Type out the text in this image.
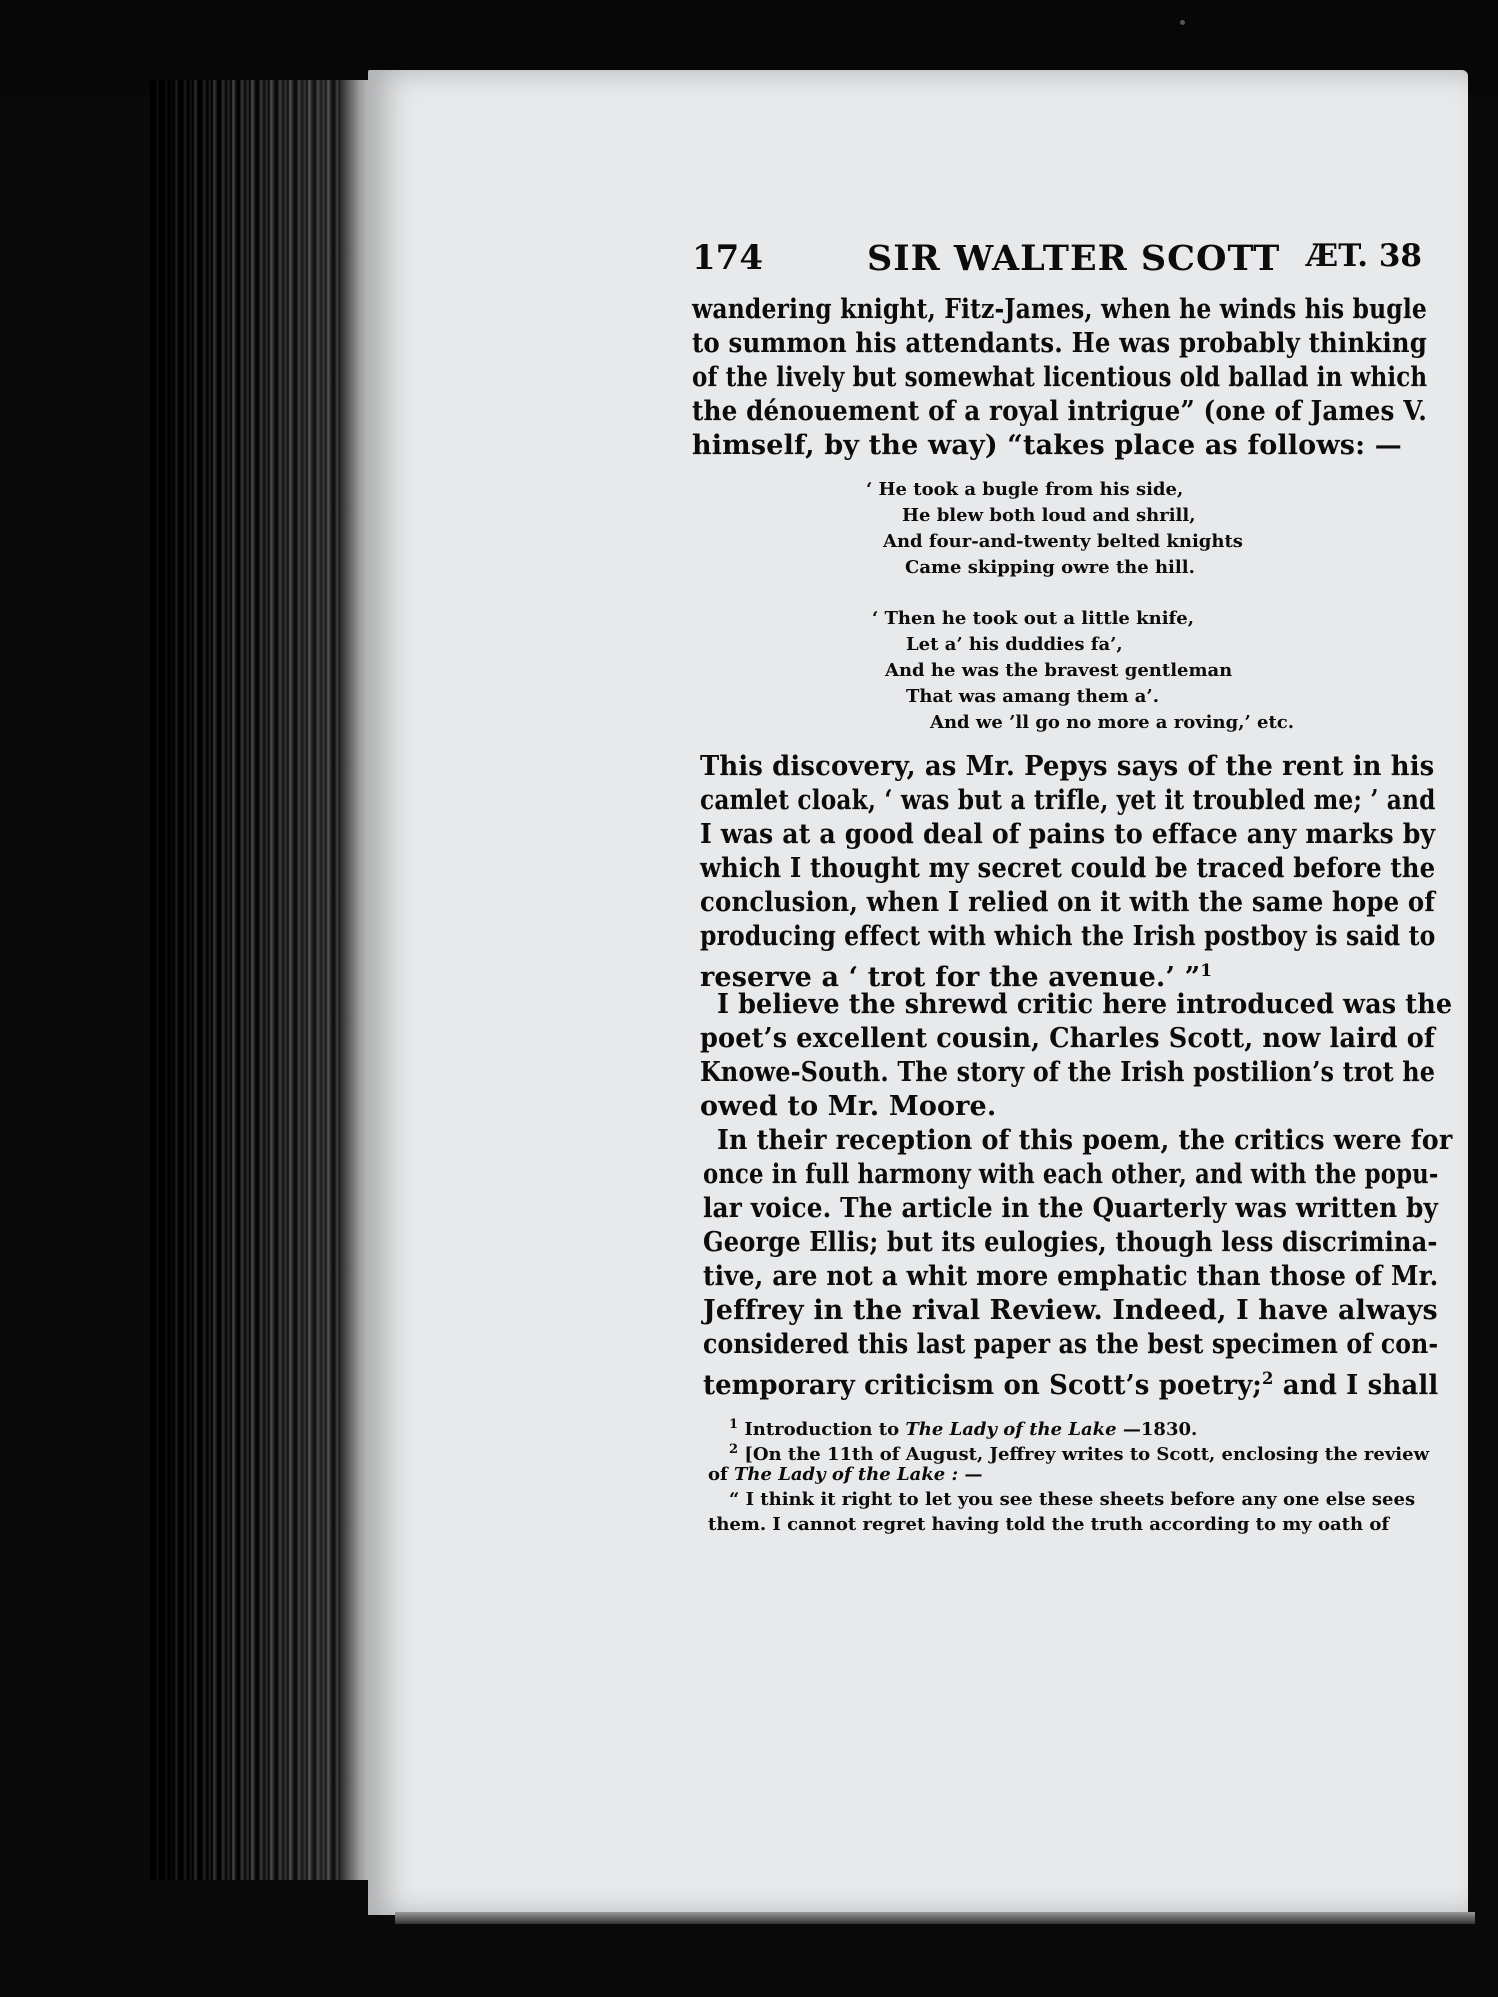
174	SIR WALTER SCOTT ÆT. 38
wandering knight, Fitz-James, when he winds his bugle
to summon his attendants. He was probably thinking
of the lively but somewhat licentious old ballad in which
the dénouement of a royal intrigue” (one of James V.
himself, by the way) “takes place as follows: —
‘ He took a bugle from his side,
He blew both loud and shrill,
And four-and-twenty belted knights
Came skipping owre the hill.
‘ Then he took out a little knife,
Let a’ his duddies fa’,
And he was the bravest gentleman
That was amang them a’.
And we ’ll go no more a roving,’ etc.
This discovery, as Mr. Pepys says of the rent in his
camlet cloak, ‘ was but a trifle, yet it troubled me; ’ and
I was at a good deal of pains to efface any marks by
which I thought my secret could be traced before the
conclusion, when I relied on it with the same hope of
producing effect with which the Irish postboy is said to
reserve a ‘ trot for the avenue.’ ”$^1$
I believe the shrewd critic here introduced was the
poet’s excellent cousin, Charles Scott, now laird of
Knowe-South. The story of the Irish postilion’s trot he
owed to Mr. Moore.
In their reception of this poem, the critics were for
once in full harmony with each other, and with the popu-
lar voice. The article in the Quarterly was written by
George Ellis; but its eulogies, though less discrimina-
tive, are not a whit more emphatic than those of Mr.
Jeffrey in the rival Review. Indeed, I have always
considered this last paper as the best specimen of con-
temporary criticism on Scott’s poetry;$^2$ and I shall
$^1$ Introduction to The Lady of the Lake —1830.
$^2$ [On the 11th of August, Jeffrey writes to Scott, enclosing the review
of The Lady of the Lake : —
“ I think it right to let you see these sheets before any one else sees
them. I cannot regret having told the truth according to my oath of
